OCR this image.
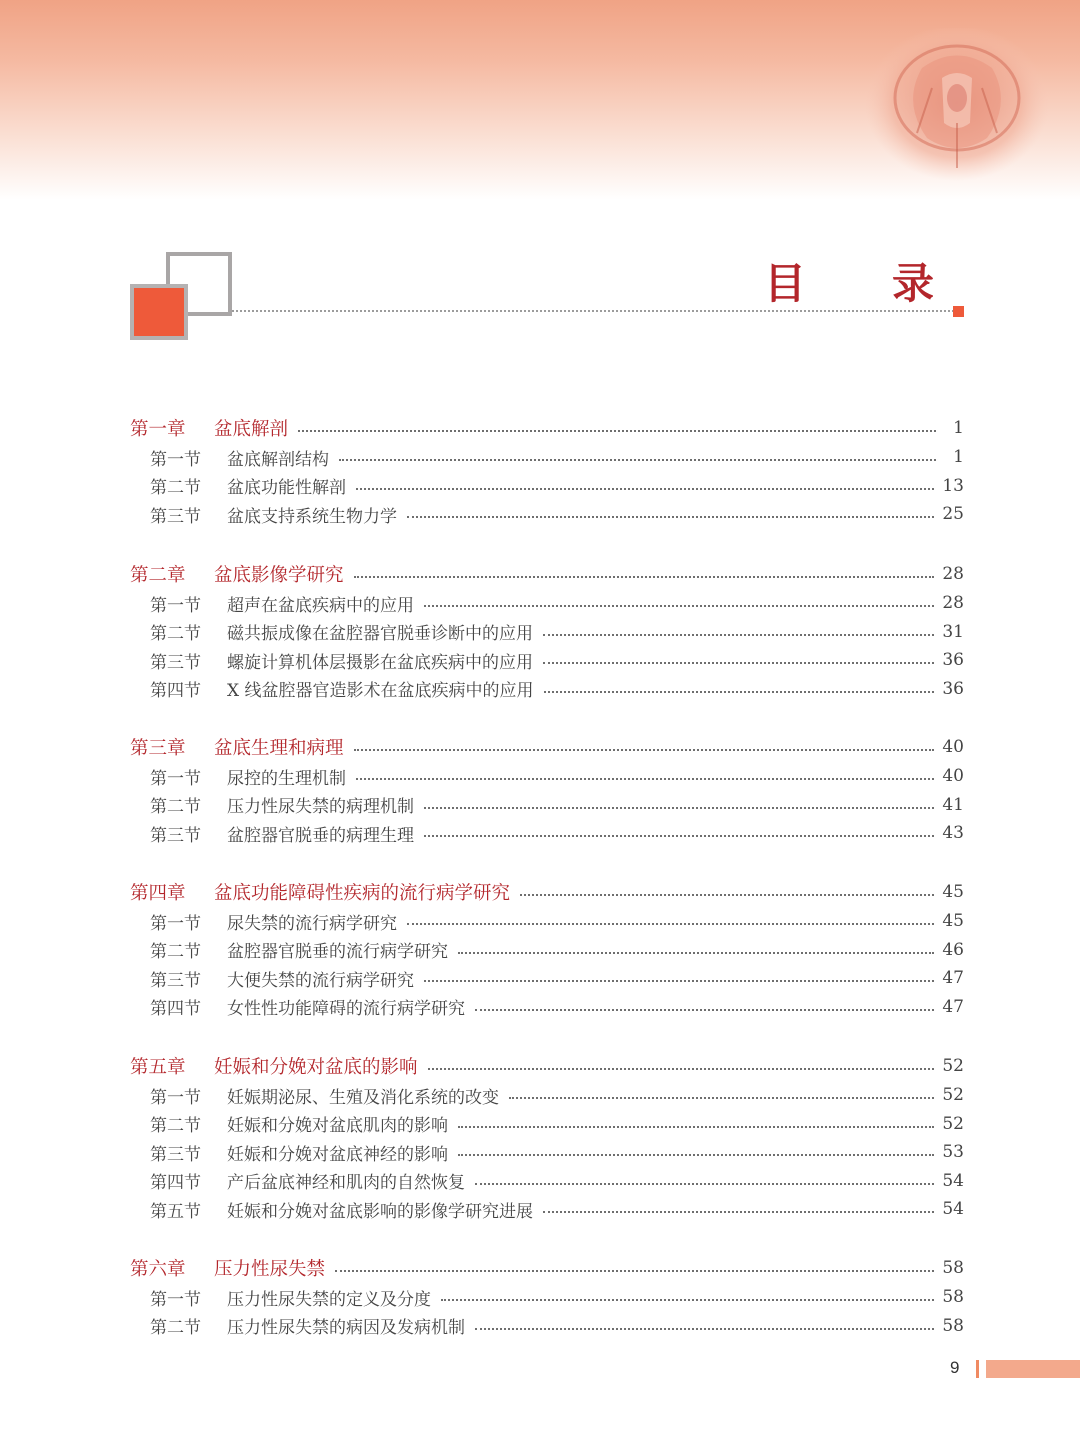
目 录
第一章	盆底解剖	1
第一节	盆底解剖结构	1
第二节	盆底功能性解剖	13
第三节	盆底支持系统生物力学	25
第二章	盆底影像学研究	28
第一节	超声在盆底疾病中的应用	28
第二节	磁共振成像在盆腔器官脱垂诊断中的应用	31
第三节	螺旋计算机体层摄影在盆底疾病中的应用	36
第四节	X 线盆腔器官造影术在盆底疾病中的应用	36
第三章	盆底生理和病理	40
第一节	尿控的生理机制	40
第二节	压力性尿失禁的病理机制	41
第三节	盆腔器官脱垂的病理生理	43
第四章	盆底功能障碍性疾病的流行病学研究	45
第一节	尿失禁的流行病学研究	45
第二节	盆腔器官脱垂的流行病学研究	46
第三节	大便失禁的流行病学研究	47
第四节	女性性功能障碍的流行病学研究	47
第五章	妊娠和分娩对盆底的影响	52
第一节	妊娠期泌尿、生殖及消化系统的改变	52
第二节	妊娠和分娩对盆底肌肉的影响	52
第三节	妊娠和分娩对盆底神经的影响	53
第四节	产后盆底神经和肌肉的自然恢复	54
第五节	妊娠和分娩对盆底影响的影像学研究进展	54
第六章	压力性尿失禁	58
第一节	压力性尿失禁的定义及分度	58
第二节	压力性尿失禁的病因及发病机制	58
9
